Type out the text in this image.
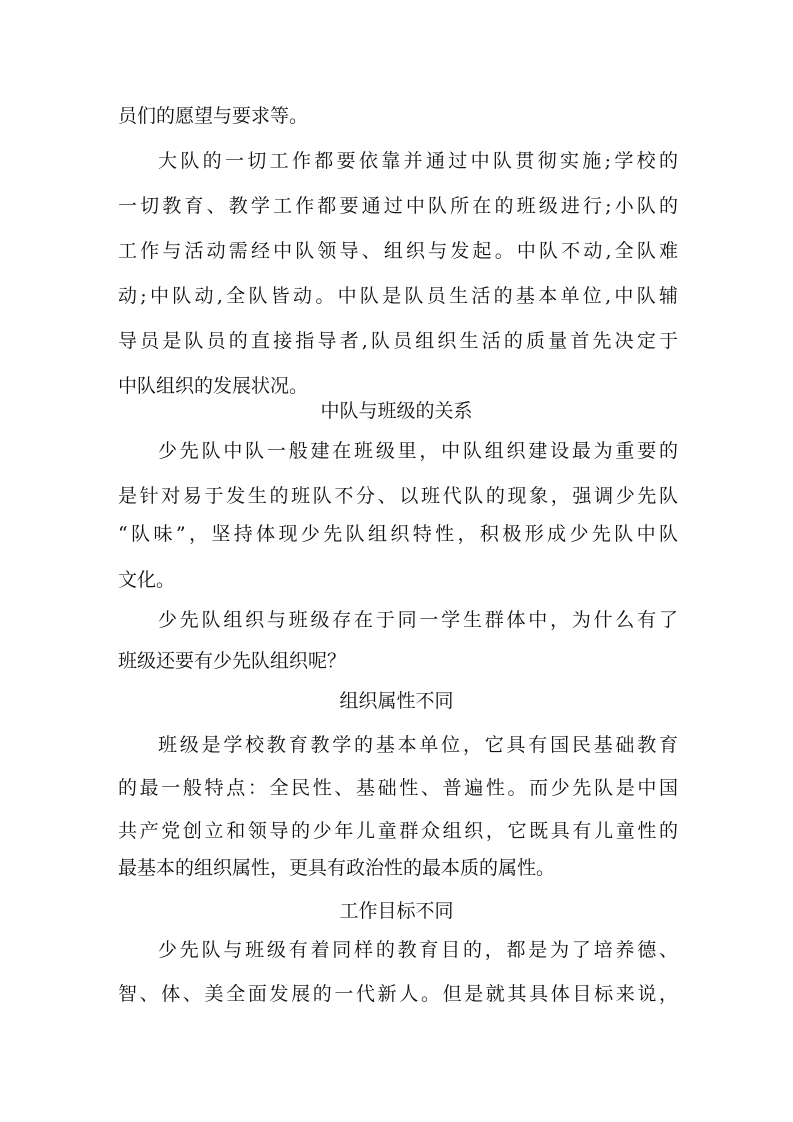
员们的愿望与要求等。
大队的一切工作都要依靠并通过中队贯彻实施;学校的
一切教育、教学工作都要通过中队所在的班级进行;小队的
工作与活动需经中队领导、组织与发起。中队不动,全队难
动;中队动,全队皆动。中队是队员生活的基本单位,中队辅
导员是队员的直接指导者,队员组织生活的质量首先决定于
中队组织的发展状况。
中队与班级的关系
少先队中队一般建在班级里，中队组织建设最为重要的
是针对易于发生的班队不分、以班代队的现象，强调少先队
“队味”，坚持体现少先队组织特性，积极形成少先队中队
文化。
少先队组织与班级存在于同一学生群体中，为什么有了
班级还要有少先队组织呢？
组织属性不同
班级是学校教育教学的基本单位，它具有国民基础教育
的最一般特点：全民性、基础性、普遍性。而少先队是中国
共产党创立和领导的少年儿童群众组织，它既具有儿童性的
最基本的组织属性，更具有政治性的最本质的属性。
工作目标不同
少先队与班级有着同样的教育目的，都是为了培养德、
智、体、美全面发展的一代新人。但是就其具体目标来说，
